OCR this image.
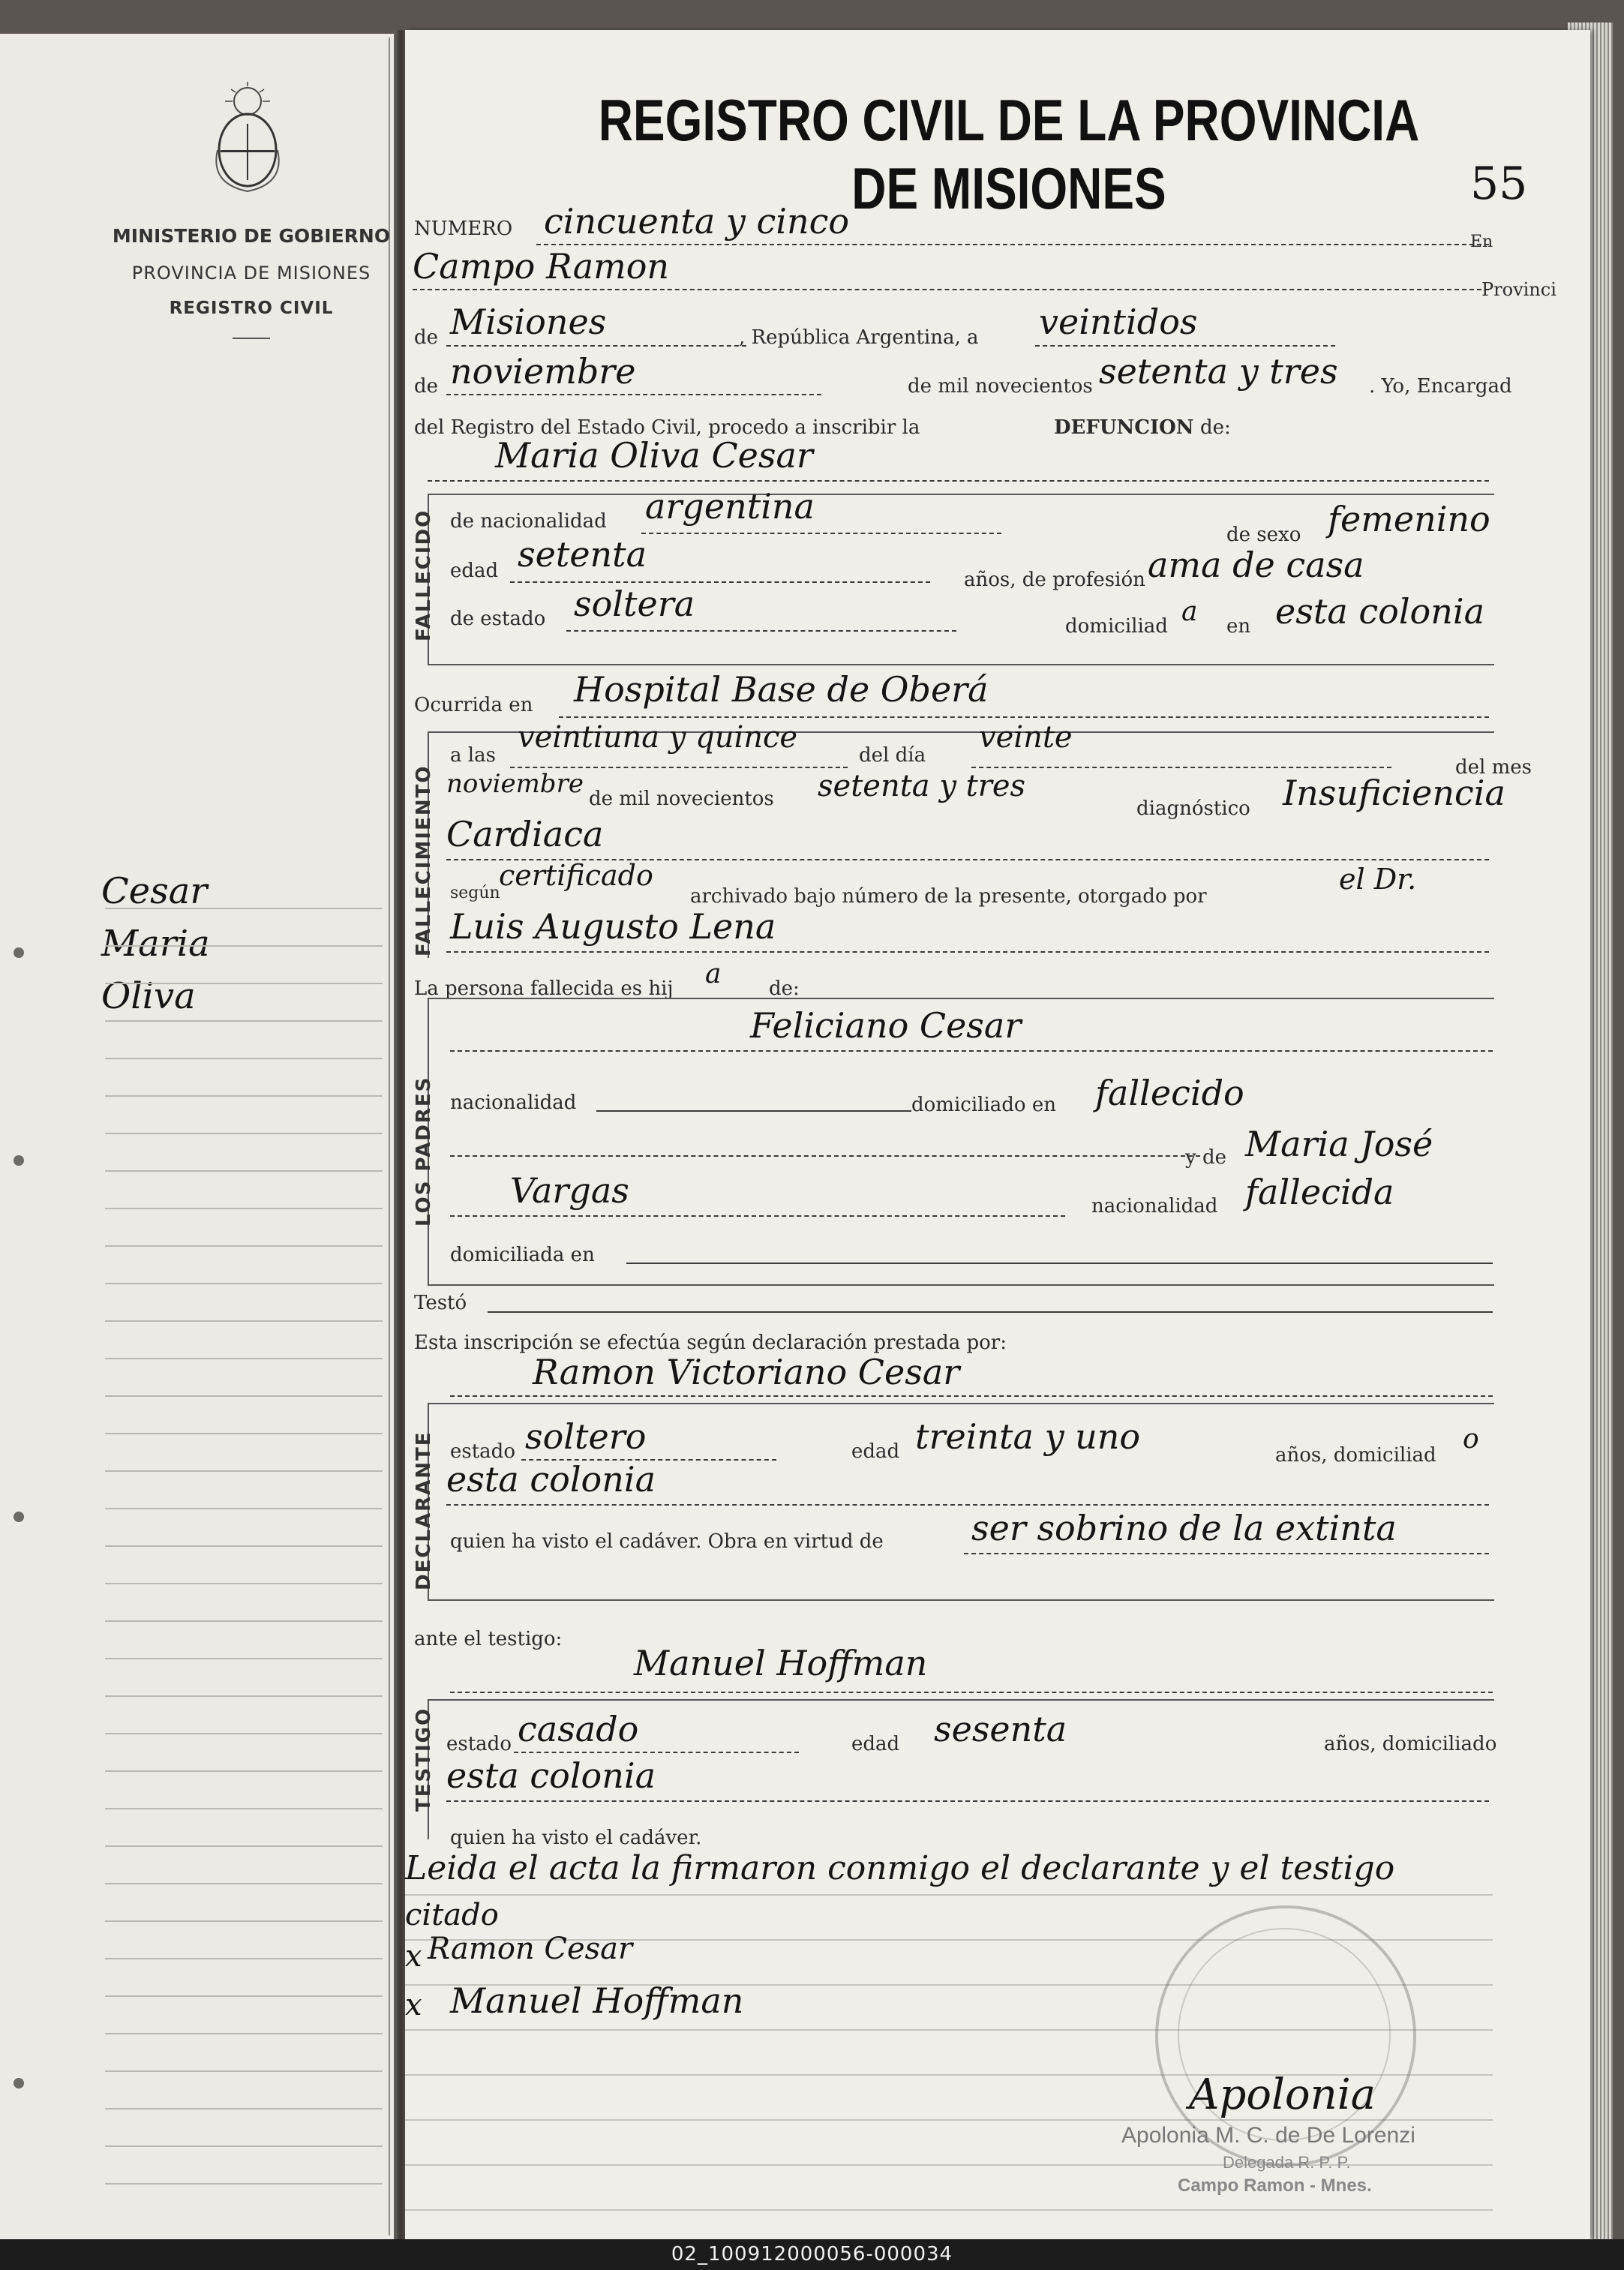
REGISTRO CIVIL DE LA PROVINCIA DE MISIONES	55
NUMERO cincuenta y cinco
En
Campo Ramon
Provinci
de Misiones	, República Argentina, a veintidos
de noviembre	de mil novecientos setenta y tres . Yo, Encargad
del Registro del Estado Civil, procedo a inscribir la	DEFUNCION de:
Maria Oliva Cesar
FALLECIDO de nacionalidad argentina
de sexo femenino
edad setenta
años, de profesión ama de casa
de estado soltera
domiciliad a en esta colonia
Ocurrida en Hospital Base de Oberá
FALLECIMIENTO
a las
veintiuna y quince
del día
veinte
del mes
noviembre de mil novecientos setenta y tres
diagnóstico Insuficiencia
Cardiaca
según
certificado
archivado bajo número de la presente, otorgado por
el Dr.
Luis Augusto Lena
La persona fallecida es hij a de:
LOS PADRES
Feliciano Cesar
nacionalidad	domiciliado en fallecido
y de Maria José
Vargas	nacionalidad fallecida
domiciliada en
Testó
Esta inscripción se efectúa según declaración prestada por:
Ramon Victoriano Cesar
DECLARANTE estado soltero	edad treinta y uno	años, domiciliad
o
esta colonia
quien ha visto el cadáver. Obra en virtud de	ser sobrino de la extinta
ante el testigo:
Manuel Hoffman
TESTIGO estado casado	edad sesenta	años, domiciliado
esta colonia
quien ha visto el cadáver.
Leida el acta la firmaron conmigo el declarante y el testigo
citado
x Ramon Cesar
x Manuel Hoffman
Apolonia
Apolonia M. C. de De Lorenzi
Delegada R. P. P.
Campo Ramon - Mnes.
MINISTERIO DE GOBIERNO
PROVINCIA DE MISIONES
REGISTRO CIVIL
Cesar
Maria
Oliva
02_100912000056-000034
